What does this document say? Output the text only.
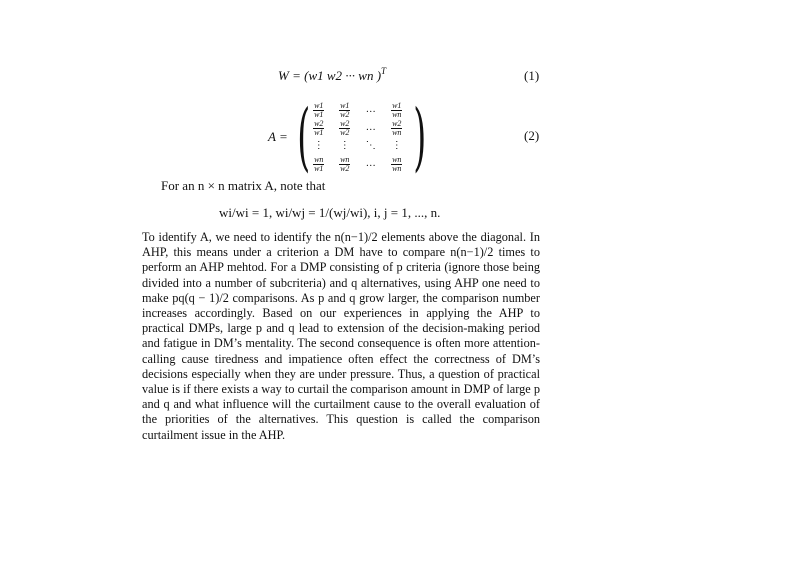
W = (w1 w2 ··· wn )$^T$	(1)
A = (
$\frac{w1}{w1} \frac{w1}{w2}$ … $\frac{w1}{wn}$
$\frac{w2}{w1} \frac{w2}{w2}$ … $\frac{w2}{wn}$
⋮ ⋮ ⋱ ⋮
$\frac{wn}{w1} \frac{wn}{w2}$ … $\frac{wn}{wn}$ )	(2)
For an n × n matrix A, note that
wi/wi = 1, wi/wj = 1/(wj/wi), i, j = 1, ..., n.
To identify A, we need to identify the n(n−1)/2 elements above the diagonal. In AHP, this means under a criterion a DM have to compare n(n−1)/2 times to perform an AHP mehtod. For a DMP consisting of p criteria (ignore those being divided into a number of subcriteria) and q alternatives, using AHP one need to make pq(q − 1)/2 comparisons. As p and q grow larger, the comparison number increases accordingly. Based on our experiences in applying the AHP to practical DMPs, large p and q lead to extension of the decision-making period and fatigue in DM’s mentality. The second consequence is often more attention-calling cause tiredness and impatience often effect the correctness of DM’s decisions especially when they are under pressure. Thus, a question of practical value is if there exists a way to curtail the comparison amount in DMP of large p and q and what influence will the curtailment cause to the overall evaluation of the priorities of the alternatives. This question is called the comparison curtailment issue in the AHP.
